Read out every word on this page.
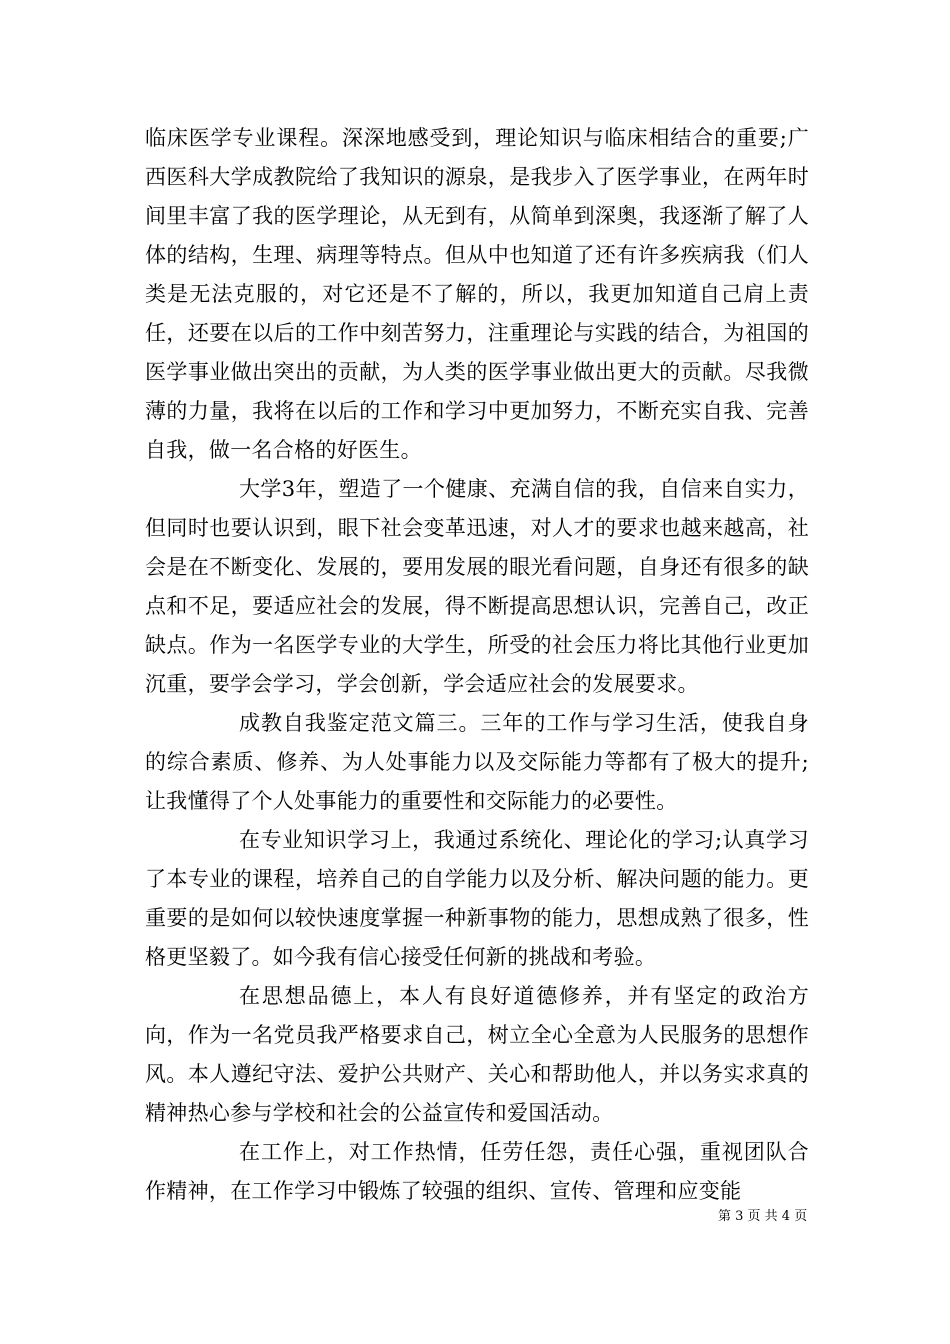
临床医学专业课程。深深地感受到，理论知识与临床相结合的重要;广西医科大学成教院给了我知识的源泉，是我步入了医学事业，在两年时间里丰富了我的医学理论，从无到有，从简单到深奥，我逐渐了解了人体的结构，生理、病理等特点。但从中也知道了还有许多疾病我（们人类是无法克服的，对它还是不了解的，所以，我更加知道自己肩上责任，还要在以后的工作中刻苦努力，注重理论与实践的结合，为祖国的医学事业做出突出的贡献，为人类的医学事业做出更大的贡献。尽我微薄的力量，我将在以后的工作和学习中更加努力，不断充实自我、完善自我，做一名合格的好医生。

大学3年，塑造了一个健康、充满自信的我，自信来自实力，但同时也要认识到，眼下社会变革迅速，对人才的要求也越来越高，社会是在不断变化、发展的，要用发展的眼光看问题，自身还有很多的缺点和不足，要适应社会的发展，得不断提高思想认识，完善自己，改正缺点。作为一名医学专业的大学生，所受的社会压力将比其他行业更加沉重，要学会学习，学会创新，学会适应社会的发展要求。

成教自我鉴定范文篇三。三年的工作与学习生活，使我自身的综合素质、修养、为人处事能力以及交际能力等都有了极大的提升;让我懂得了个人处事能力的重要性和交际能力的必要性。

在专业知识学习上，我通过系统化、理论化的学习;认真学习了本专业的课程，培养自己的自学能力以及分析、解决问题的能力。更重要的是如何以较快速度掌握一种新事物的能力，思想成熟了很多，性格更坚毅了。如今我有信心接受任何新的挑战和考验。

在思想品德上，本人有良好道德修养，并有坚定的政治方向，作为一名党员我严格要求自己，树立全心全意为人民服务的思想作风。本人遵纪守法、爱护公共财产、关心和帮助他人，并以务实求真的精神热心参与学校和社会的公益宣传和爱国活动。

在工作上，对工作热情，任劳任怨，责任心强，重视团队合作精神，在工作学习中锻炼了较强的组织、宣传、管理和应变能

第 3 页 共 4 页
